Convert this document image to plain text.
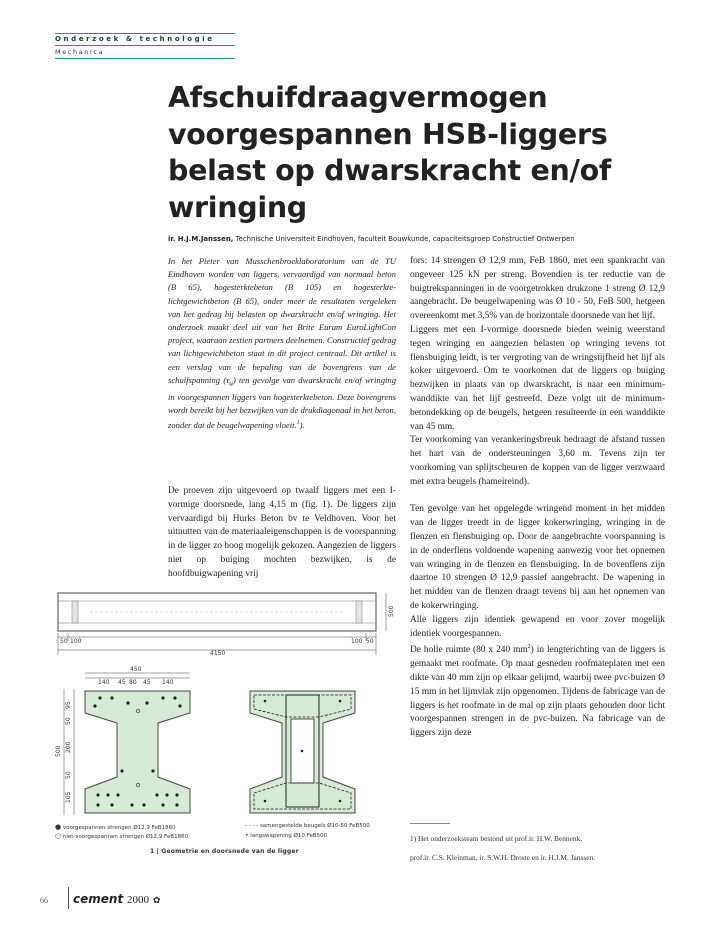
Onderzoek & technologie
Mechanica
Afschuifdraagvermogen voorgespannen HSB-liggers belast op dwarskracht en/of wringing
ir. H.J.M.Janssen, Technische Universiteit Eindhoven, faculteit Bouwkunde, capaciteitsgroep Constructief Ontwerpen
In het Pieter van Musschenbroeklaboratorium van de TU Eindhoven worden van liggers, vervaardigd van normaal beton (B 65), hogesterktebeton (B 105) en hogesterkte-lichtgewichtbeton (B 65), onder meer de resultaten vergeleken van het gedrag bij belasten op dwarskracht en/of wringing. Het onderzoek maakt deel uit van het Brite Euram EuroLightCon project, waaraan zestien partners deelnemen. Constructief gedrag van lichtgewichtbeton staat in dit project centraal. Dit artikel is een verslag van de bepaling van de bovengrens van de schuifspanning $(\tau_u)$ ten gevolge van dwarskracht en/of wringing in voorgespannen liggers van hogesterktebeton. Deze bovengrens wordt bereikt bij het bezwijken van de drukdiagonaal in het beton, zonder dat de beugelwapening vloeit.$^1$).

De proeven zijn uitgevoerd op twaalf liggers met een I-vormige doorsnede, lang 4,15 m (fig. 1). De liggers zijn vervaardigd bij Hurks Beton bv te Veldhoven. Voor het uitnutten van de materiaaleigenschappen is de voorspanning in de ligger zo hoog mogelijk gekozen. Aangezien de liggers niet op buiging mochten bezwijken, is de hoofdbuigwapening vrij

fors: 14 strengen Ø 12,9 mm, FeB 1860, met een spankracht van ongeveer 125 kN per streng. Bovendien is ter reductie van de buigtrekspanningen in de voorgetrokken drukzone 1 streng Ø 12,9 aangebracht. De beugelwapening was Ø 10 - 50, FeB 500, hetgeen overeenkomt met 3,5% van de horizontale doorsnede van het lijf.

Liggers met een I-vormige doorsnede bieden weinig weerstand tegen wringing en aangezien belasten op wringing tevens tot flensbuiging leidt, is ter vergroting van de wringstijfheid het lijf als koker uitgevoerd. Om te voorkomen dat de liggers op buiging bezwijken in plaats van op dwarskracht, is naar een minimum-wanddikte van het lijf gestreefd. Deze volgt uit de minimum-betondekking op de beugels, hetgeen resulteerde in een wanddikte van 45 mm.

Ter voorkoming van verankeringsbreuk bedraagt de afstand tussen het hart van de ondersteuningen 3,60 m. Tevens zijn ter voorkoming van splijtscheuren de koppen van de ligger verzwaard met extra beugels (hameireind).

Ten gevolge van het opgelegde wringend moment in het midden van de ligger treedt in de ligger kokerwringing, wringing in de flenzen en flensbuiging op. Door de aangebrachte voorspanning is in de onderflens voldoende wapening aanwezig voor het opnemen van wringing in de flenzen en flensbuiging. In de bovenflens zijn daartoe 10 strengen Ø 12,9 passief aangebracht. De wapening in het midden van de flenzen draagt tevens bij aan het opnemen van de kokerwringing.

Alle liggers zijn identiek gewapend en voor zover mogelijk identiek voorgespannen.

De holle ruimte (80 x 240 $mm^2$) in lengterichting van de liggers is gemaakt met roofmate. Op maat gesneden roofmateplaten met een dikte van 40 mm zijn op elkaar gelijmd, waarbij twee pvc-buizen Ø 15 mm in het lijmvlak zijn opgenomen. Tijdens de fabricage van de liggers is het roofmate in de mal op zijn plaats gehouden door licht voorgespannen strengen in de pvc-buizen. Na fabricage van de liggers zijn deze

1) Het onderzoeksteam bestond uit prof.ir. H.W. Bennenk,
prof.ir. C.S. Kleinman, ir. S.W.H. Droste en ir. H.J.M. Janssen.
500
50 100	100 50
4150
450
140 45 80 45 140
95
50
200
50
105
500
● voorgespannen strengen Ø12,9 FeB1860
○ niet-voorgespannen strengen Ø12,9 FeB1860
‐ ‐ ‐ ‐ samengestelde beugels Ø10-50 FeB500
• langswapening Ø10 FeB500
1 | Geometrie en doorsnede van de ligger
66 cement 2000 ✿
